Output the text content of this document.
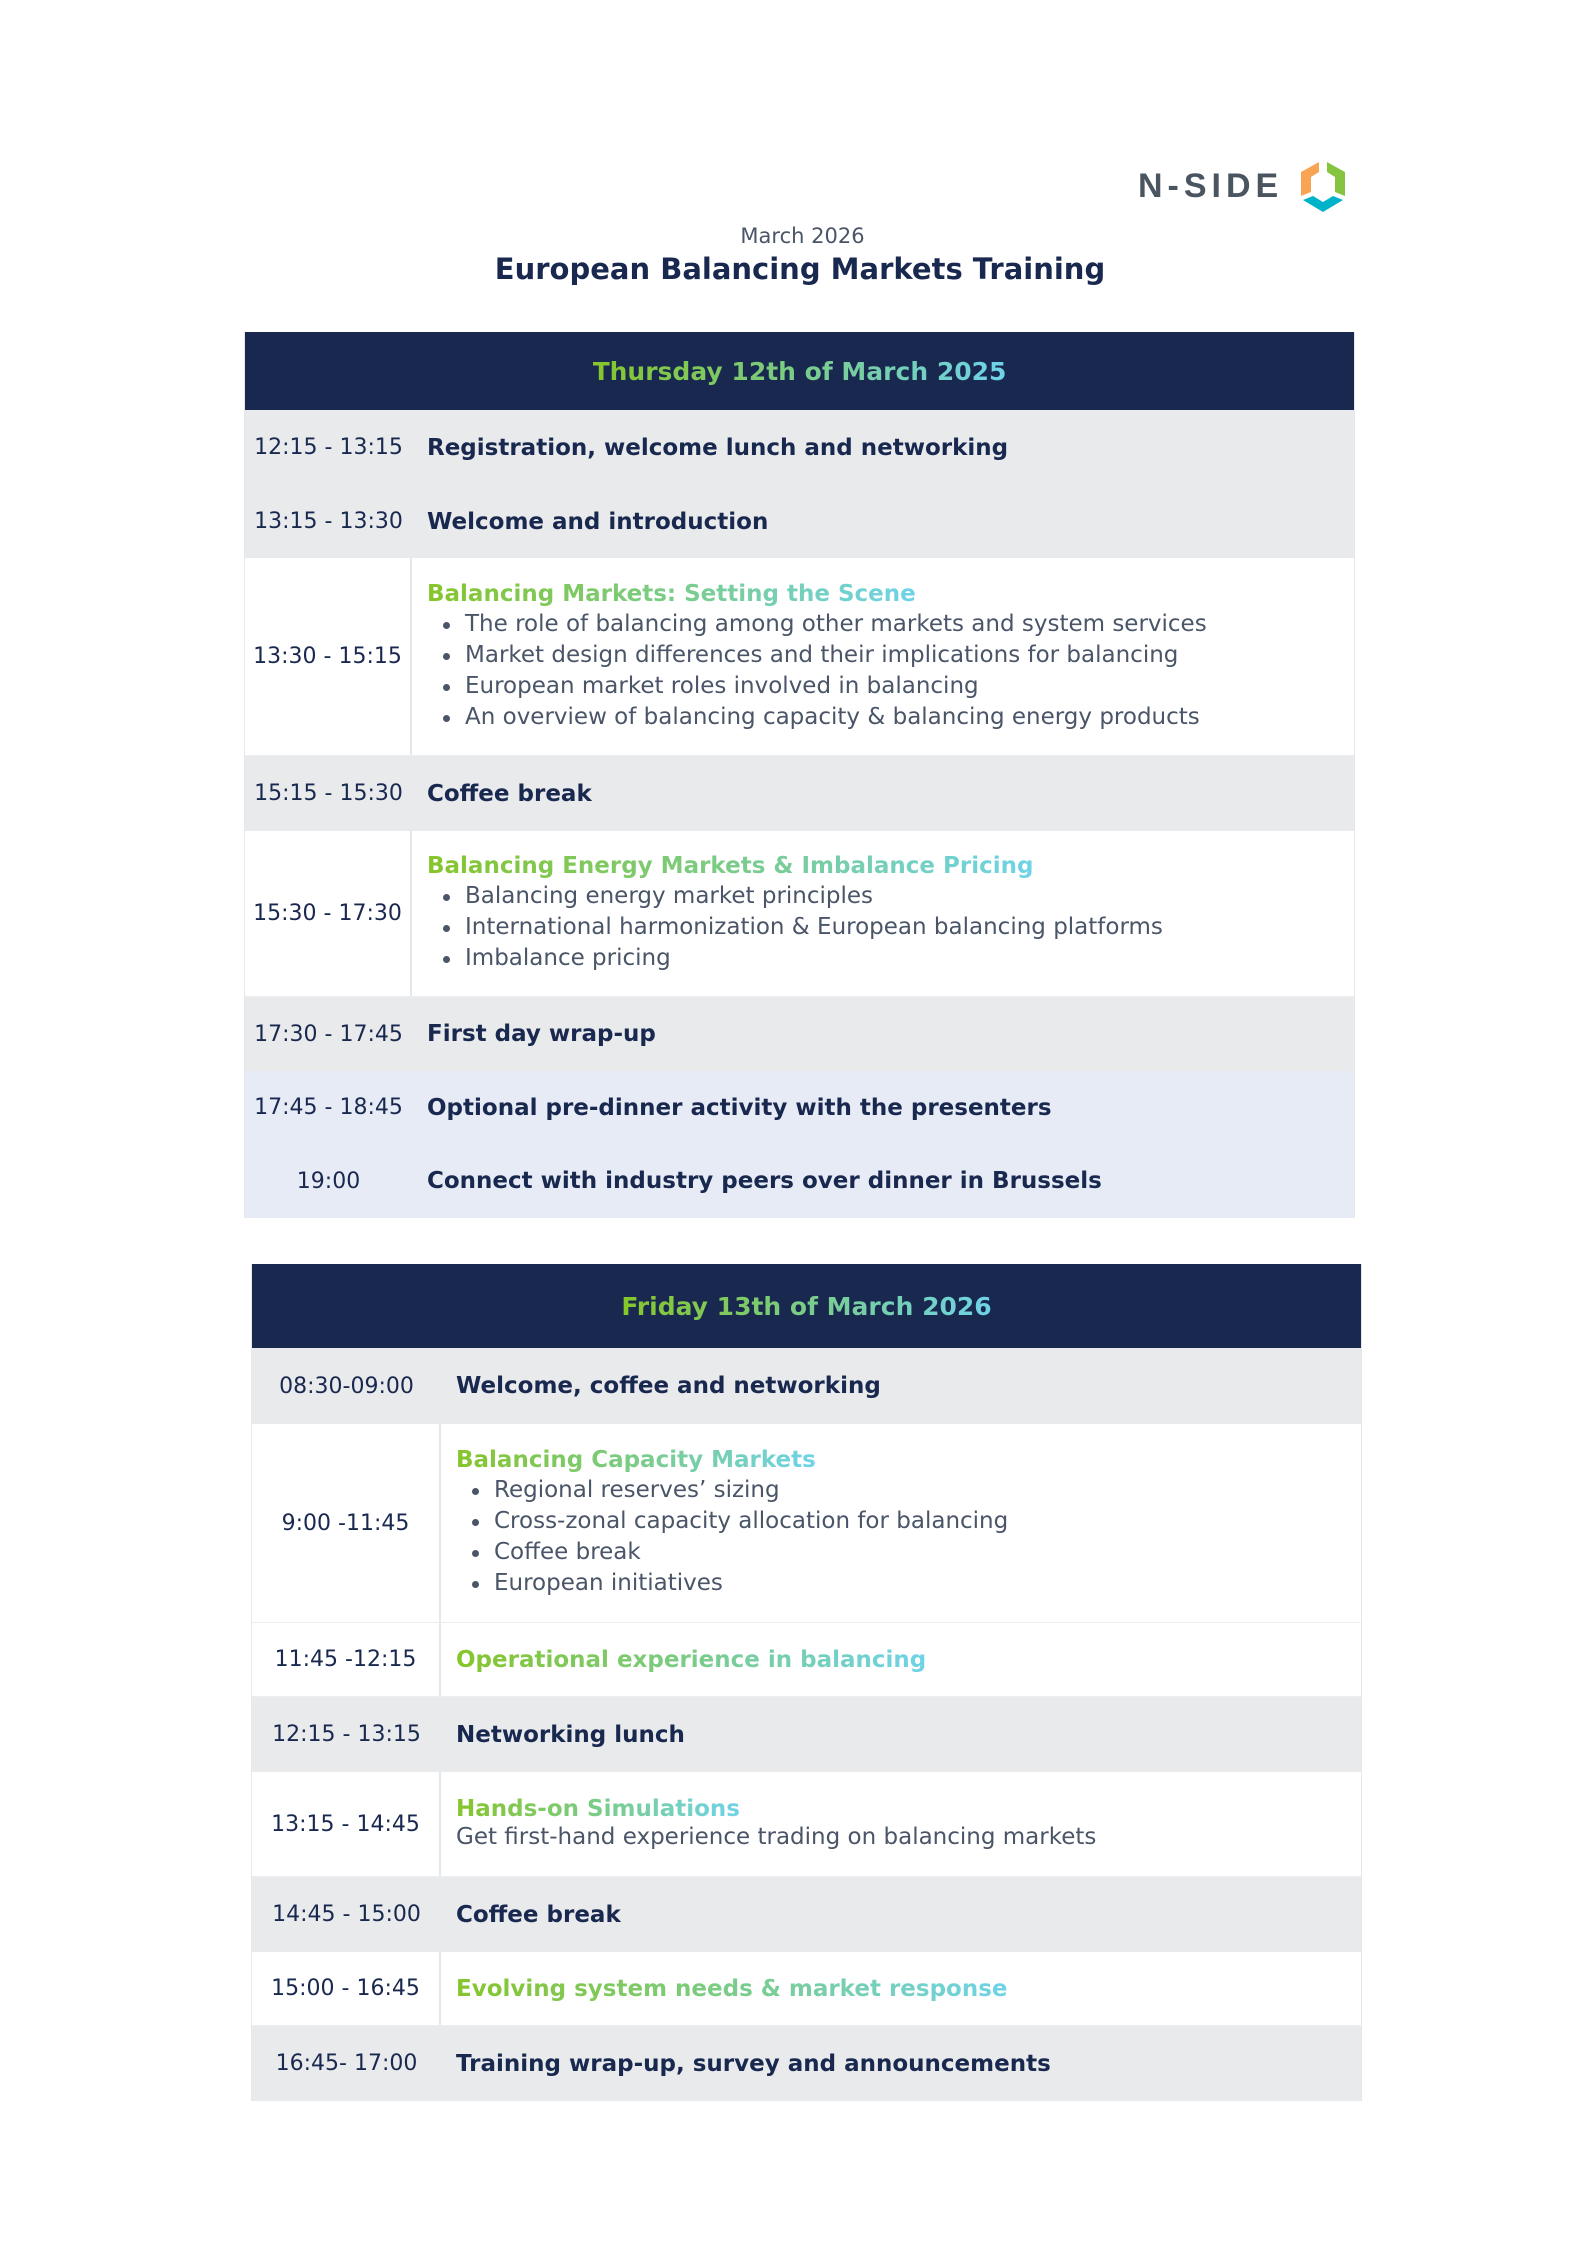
N-SIDE
March 2026
European Balancing Markets Training
Thursday 12th of March 2025
12:15 - 13:15	Registration, welcome lunch and networking
13:15 - 13:30	Welcome and introduction
13:30 - 15:15
Balancing Markets: Setting the Scene
The role of balancing among other markets and system services
Market design differences and their implications for balancing
European market roles involved in balancing
An overview of balancing capacity & balancing energy products
15:15 - 15:30	Coffee break
15:30 - 17:30
Balancing Energy Markets & Imbalance Pricing
Balancing energy market principles
International harmonization & European balancing platforms
Imbalance pricing
17:30 - 17:45	First day wrap-up
17:45 - 18:45	Optional pre-dinner activity with the presenters
19:00	Connect with industry peers over dinner in Brussels
Friday 13th of March 2026
08:30-09:00	Welcome, coffee and networking
9:00 -11:45
Balancing Capacity Markets
Regional reserves’ sizing
Cross-zonal capacity allocation for balancing
Coffee break
European initiatives
11:45 -12:15	Operational experience in balancing
12:15 - 13:15	Networking lunch
13:15 - 14:45
Hands-on Simulations
Get first-hand experience trading on balancing markets
14:45 - 15:00	Coffee break
15:00 - 16:45	Evolving system needs & market response
16:45- 17:00	Training wrap-up, survey and announcements
